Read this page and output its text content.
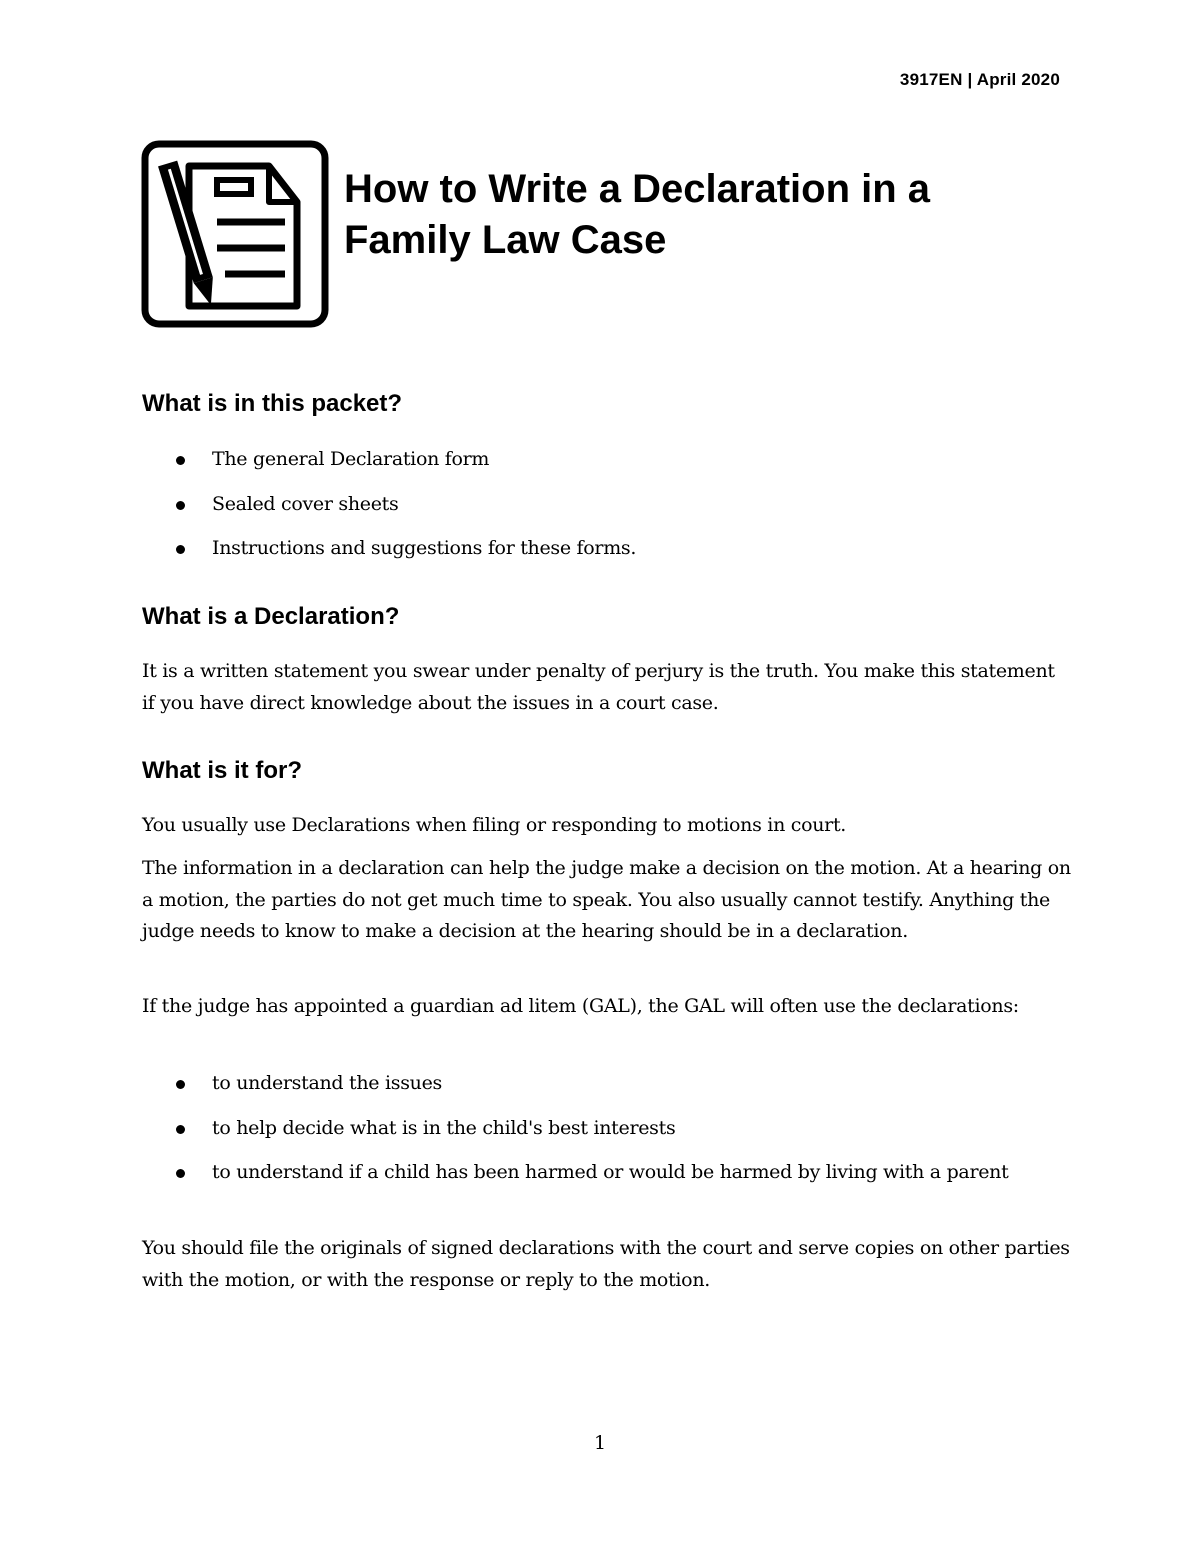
3917EN | April 2020
How to Write a Declaration in a
Family Law Case
What is in this packet?
The general Declaration form
Sealed cover sheets
Instructions and suggestions for these forms.
What is a Declaration?

It is a written statement you swear under penalty of perjury is the truth. You make this statement if you have direct knowledge about the issues in a court case.

What is it for?

You usually use Declarations when filing or responding to motions in court.

The information in a declaration can help the judge make a decision on the motion. At a hearing on a motion, the parties do not get much time to speak. You also usually cannot testify. Anything the judge needs to know to make a decision at the hearing should be in a declaration.

If the judge has appointed a guardian ad litem (GAL), the GAL will often use the declarations:

to understand the issues
to help decide what is in the child's best interests
to understand if a child has been harmed or would be harmed by living with a parent

You should file the originals of signed declarations with the court and serve copies on other parties with the motion, or with the response or reply to the motion.

1
